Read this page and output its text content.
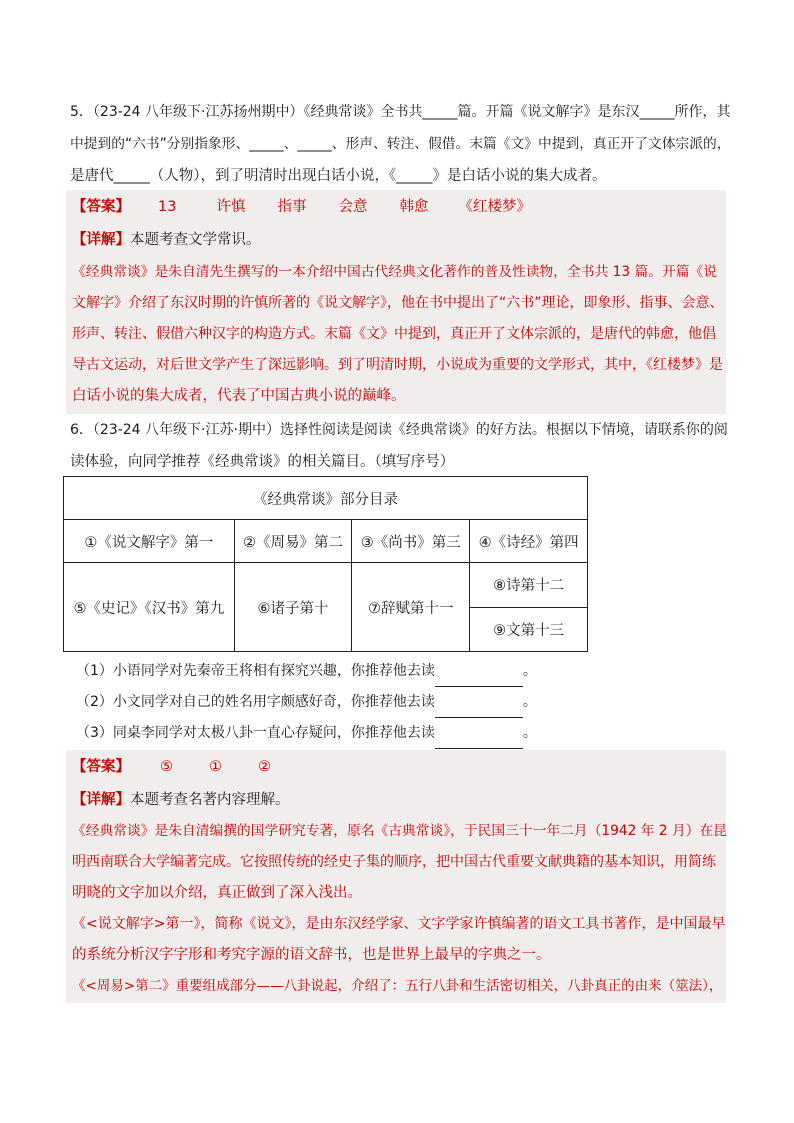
5．（23-24 八年级下·江苏扬州期中）《经典常谈》全书共_____篇。开篇《说文解字》是东汉_____所作，其
中提到的“六书”分别指象形、_____、_____、形声、转注、假借。末篇《文》中提到，真正开了文体宗派的，
是唐代_____（人物），到了明清时出现白话小说，《_____》是白话小说的集大成者。
【答案】 13	许慎 指事 会意 韩愈 《红楼梦》
【详解】本题考查文学常识。
《经典常谈》是朱自清先生撰写的一本介绍中国古代经典文化著作的普及性读物，全书共 13 篇。开篇《说
文解字》介绍了东汉时期的许慎所著的《说文解字》，他在书中提出了“六书”理论，即象形、指事、会意、
形声、转注、假借六种汉字的构造方式。末篇《文》中提到，真正开了文体宗派的，是唐代的韩愈，他倡
导古文运动，对后世文学产生了深远影响。到了明清时期，小说成为重要的文学形式，其中，《红楼梦》是
白话小说的集大成者，代表了中国古典小说的巅峰。
6．（23-24 八年级下·江苏·期中）选择性阅读是阅读《经典常谈》的好方法。根据以下情境，请联系你的阅
读体验，向同学推荐《经典常谈》的相关篇目。（填写序号）
《经典常谈》部分目录			
①《说文解字》第一	②《周易》第二	③《尚书》第三	④《诗经》第四
⑤《史记》《汉书》第九	⑥诸子第十	⑦辞赋第十一	⑧诗第十二
			⑨文第十三
（1）小语同学对先秦帝王将相有探究兴趣，你推荐他去读	。
（2）小文同学对自己的姓名用字颇感好奇，你推荐他去读	。
（3）同桌李同学对太极八卦一直心存疑问，你推荐他去读	。
【答案】 ⑤ ① ②
【详解】本题考查名著内容理解。
《经典常谈》是朱自清编撰的国学研究专著，原名《古典常谈》，于民国三十一年二月（1942 年 2 月）在昆
明西南联合大学编著完成。它按照传统的经史子集的顺序，把中国古代重要文献典籍的基本知识，用简练
明晓的文字加以介绍，真正做到了深入浅出。
《<说文解字>第一》，简称《说文》，是由东汉经学家、文字学家许慎编著的语文工具书著作，是中国最早
的系统分析汉字字形和考究字源的语文辞书，也是世界上最早的字典之一。
《<周易>第二》重要组成部分——八卦说起，介绍了：五行八卦和生活密切相关，八卦真正的由来（筮法），
